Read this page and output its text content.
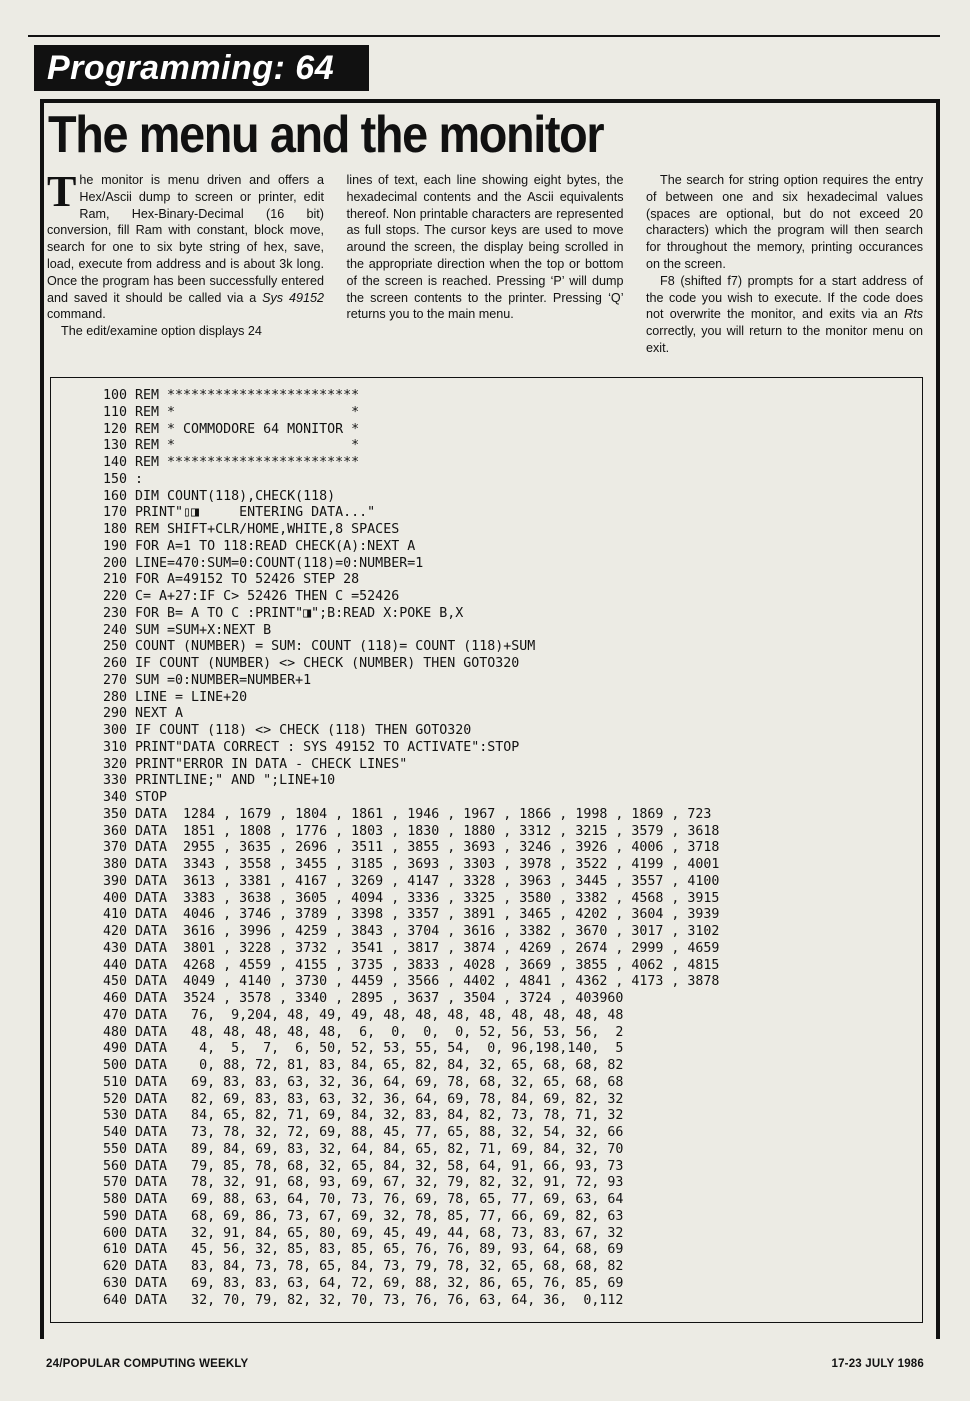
Programming: 64
The menu and the monitor

The monitor is menu driven and offers a Hex/Ascii dump to screen or printer, edit Ram, Hex-Binary-Decimal (16 bit) conversion, fill Ram with constant, block move, search for one to six byte string of hex, save, load, execute from address and is about 3k long. Once the program has been successfully entered and saved it should be called via a Sys 49152 command.

The edit/examine option displays 24

lines of text, each line showing eight bytes, the hexadecimal contents and the Ascii equivalents thereof. Non printable characters are represented as full stops. The cursor keys are used to move around the screen, the display being scrolled in the appropriate direction when the top or bottom of the screen is reached. Pressing ‘P’ will dump the screen contents to the printer. Pressing ‘Q’ returns you to the main menu.

The search for string option requires the entry of between one and six hexadecimal values (spaces are optional, but do not exceed 20 characters) which the program will then search for throughout the memory, printing occurances on the screen.

F8 (shifted f7) prompts for a start address of the code you wish to execute. If the code does not overwrite the monitor, and exits via an Rts correctly, you will return to the monitor menu on exit.

100 REM ************************
110 REM *                      *
120 REM * COMMODORE 64 MONITOR *
130 REM *                      *
140 REM ************************
150 :
160 DIM COUNT(118),CHECK(118)
170 PRINT"▯◨     ENTERING DATA..."
180 REM SHIFT+CLR/HOME,WHITE,8 SPACES
190 FOR A=1 TO 118:READ CHECK(A):NEXT A
200 LINE=470:SUM=0:COUNT(118)=0:NUMBER=1
210 FOR A=49152 TO 52426 STEP 28
220 C= A+27:IF C> 52426 THEN C =52426
230 FOR B= A TO C :PRINT"◨";B:READ X:POKE B,X
240 SUM =SUM+X:NEXT B
250 COUNT (NUMBER) = SUM: COUNT (118)= COUNT (118)+SUM
260 IF COUNT (NUMBER) <> CHECK (NUMBER) THEN GOTO320
270 SUM =0:NUMBER=NUMBER+1
280 LINE = LINE+20
290 NEXT A
300 IF COUNT (118) <> CHECK (118) THEN GOTO320
310 PRINT"DATA CORRECT : SYS 49152 TO ACTIVATE":STOP
320 PRINT"ERROR IN DATA - CHECK LINES"
330 PRINTLINE;" AND ";LINE+10
340 STOP
350 DATA  1284 , 1679 , 1804 , 1861 , 1946 , 1967 , 1866 , 1998 , 1869 , 723
360 DATA  1851 , 1808 , 1776 , 1803 , 1830 , 1880 , 3312 , 3215 , 3579 , 3618
370 DATA  2955 , 3635 , 2696 , 3511 , 3855 , 3693 , 3246 , 3926 , 4006 , 3718
380 DATA  3343 , 3558 , 3455 , 3185 , 3693 , 3303 , 3978 , 3522 , 4199 , 4001
390 DATA  3613 , 3381 , 4167 , 3269 , 4147 , 3328 , 3963 , 3445 , 3557 , 4100
400 DATA  3383 , 3638 , 3605 , 4094 , 3336 , 3325 , 3580 , 3382 , 4568 , 3915
410 DATA  4046 , 3746 , 3789 , 3398 , 3357 , 3891 , 3465 , 4202 , 3604 , 3939
420 DATA  3616 , 3996 , 4259 , 3843 , 3704 , 3616 , 3382 , 3670 , 3017 , 3102
430 DATA  3801 , 3228 , 3732 , 3541 , 3817 , 3874 , 4269 , 2674 , 2999 , 4659
440 DATA  4268 , 4559 , 4155 , 3735 , 3833 , 4028 , 3669 , 3855 , 4062 , 4815
450 DATA  4049 , 4140 , 3730 , 4459 , 3566 , 4402 , 4841 , 4362 , 4173 , 3878
460 DATA  3524 , 3578 , 3340 , 2895 , 3637 , 3504 , 3724 , 403960
470 DATA   76,  9,204, 48, 49, 49, 48, 48, 48, 48, 48, 48, 48, 48
480 DATA   48, 48, 48, 48, 48,  6,  0,  0,  0, 52, 56, 53, 56,  2
490 DATA    4,  5,  7,  6, 50, 52, 53, 55, 54,  0, 96,198,140,  5
500 DATA    0, 88, 72, 81, 83, 84, 65, 82, 84, 32, 65, 68, 68, 82
510 DATA   69, 83, 83, 63, 32, 36, 64, 69, 78, 68, 32, 65, 68, 68
520 DATA   82, 69, 83, 83, 63, 32, 36, 64, 69, 78, 84, 69, 82, 32
530 DATA   84, 65, 82, 71, 69, 84, 32, 83, 84, 82, 73, 78, 71, 32
540 DATA   73, 78, 32, 72, 69, 88, 45, 77, 65, 88, 32, 54, 32, 66
550 DATA   89, 84, 69, 83, 32, 64, 84, 65, 82, 71, 69, 84, 32, 70
560 DATA   79, 85, 78, 68, 32, 65, 84, 32, 58, 64, 91, 66, 93, 73
570 DATA   78, 32, 91, 68, 93, 69, 67, 32, 79, 82, 32, 91, 72, 93
580 DATA   69, 88, 63, 64, 70, 73, 76, 69, 78, 65, 77, 69, 63, 64
590 DATA   68, 69, 86, 73, 67, 69, 32, 78, 85, 77, 66, 69, 82, 63
600 DATA   32, 91, 84, 65, 80, 69, 45, 49, 44, 68, 73, 83, 67, 32
610 DATA   45, 56, 32, 85, 83, 85, 65, 76, 76, 89, 93, 64, 68, 69
620 DATA   83, 84, 73, 78, 65, 84, 73, 79, 78, 32, 65, 68, 68, 82
630 DATA   69, 83, 83, 63, 64, 72, 69, 88, 32, 86, 65, 76, 85, 69
640 DATA   32, 70, 79, 82, 32, 70, 73, 76, 76, 63, 64, 36,  0,112

24/POPULAR COMPUTING WEEKLY	17-23 JULY 1986
